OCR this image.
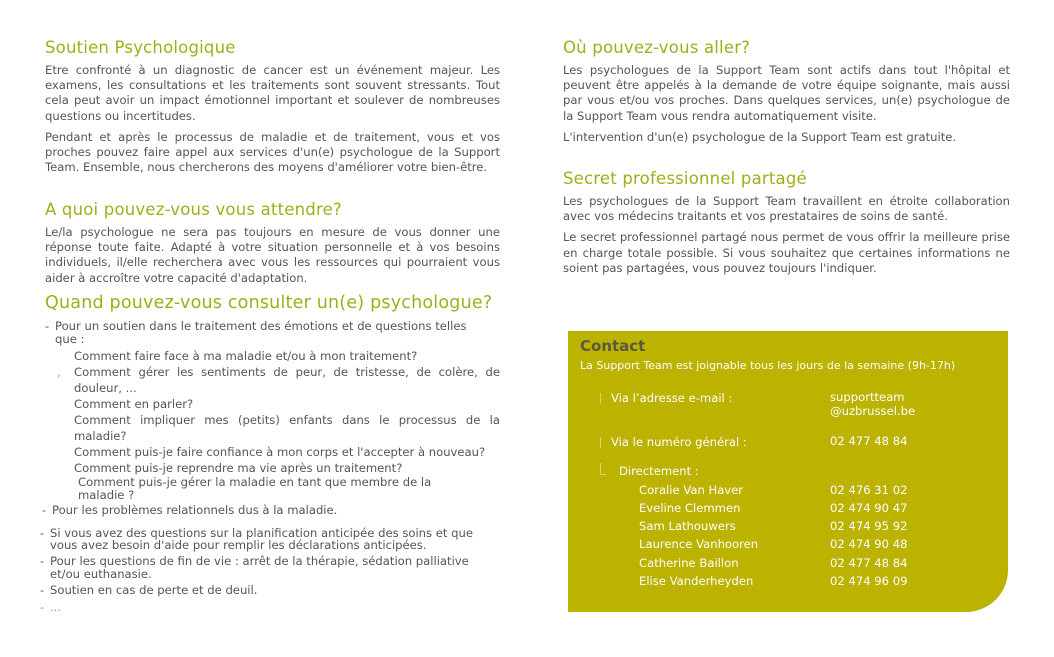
Soutien Psychologique

Etre confronté à un diagnostic de cancer est un événement majeur. Les examens, les consultations et les traitements sont souvent stressants. Tout cela peut avoir un impact émotionnel important et soulever de nombreuses questions ou incertitudes.

Pendant et après le processus de maladie et de traitement, vous et vos proches pouvez faire appel aux services d'un(e) psychologue de la Support Team. Ensemble, nous chercherons des moyens d'améliorer votre bien-être.

A quoi pouvez-vous vous attendre?

Le/la psychologue ne sera pas toujours en mesure de vous donner une réponse toute faite. Adapté à votre situation personnelle et à vos besoins individuels, il/elle recherchera avec vous les ressources qui pourraient vous aider à accroître votre capacité d'adaptation.

Quand pouvez-vous consulter un(e) psychologue?
- Pour un soutien dans le traitement des émotions et de questions telles que :
Comment faire face à ma maladie et/ou à mon traitement?
‚ Comment gérer les sentiments de peur, de tristesse, de colère, de douleur, ...
Comment en parler?
Comment impliquer mes (petits) enfants dans le processus de la maladie?
Comment puis-je faire confiance à mon corps et l'accepter à nouveau?
Comment puis-je reprendre ma vie après un traitement?
Comment puis-je gérer la maladie en tant que membre de la maladie ?
- Pour les problèmes relationnels dus à la maladie.
- Si vous avez des questions sur la planification anticipée des soins et que vous avez besoin d'aide pour remplir les déclarations anticipées.
- Pour les questions de fin de vie : arrêt de la thérapie, sédation palliative et/ou euthanasie.
- Soutien en cas de perte et de deuil.
- ...
Où pouvez-vous aller?

Les psychologues de la Support Team sont actifs dans tout l'hôpital et peuvent être appelés à la demande de votre équipe soignante, mais aussi par vous et/ou vos proches. Dans quelques services, un(e) psychologue de la Support Team vous rendra automatiquement visite.

L'intervention d'un(e) psychologue de la Support Team est gratuite.

Secret professionnel partagé

Les psychologues de la Support Team travaillent en étroite collaboration avec vos médecins traitants et vos prestataires de soins de santé.

Le secret professionnel partagé nous permet de vous offrir la meilleure prise en charge totale possible. Si vous souhaitez que certaines informations ne soient pas partagées, vous pouvez toujours l'indiquer.

Contact
La Support Team est joignable tous les jours de la semaine (9h-17h)
Via l’adresse e-mail :	supportteam
@uzbrussel.be
Via le numéro général :	02 477 48 84
Directement :
Coralie Van Haver	02 476 31 02
Eveline Clemmen	02 474 90 47
Sam Lathouwers	02 474 95 92
Laurence Vanhooren	02 474 90 48
Catherine Baillon	02 477 48 84
Elise Vanderheyden	02 474 96 09
